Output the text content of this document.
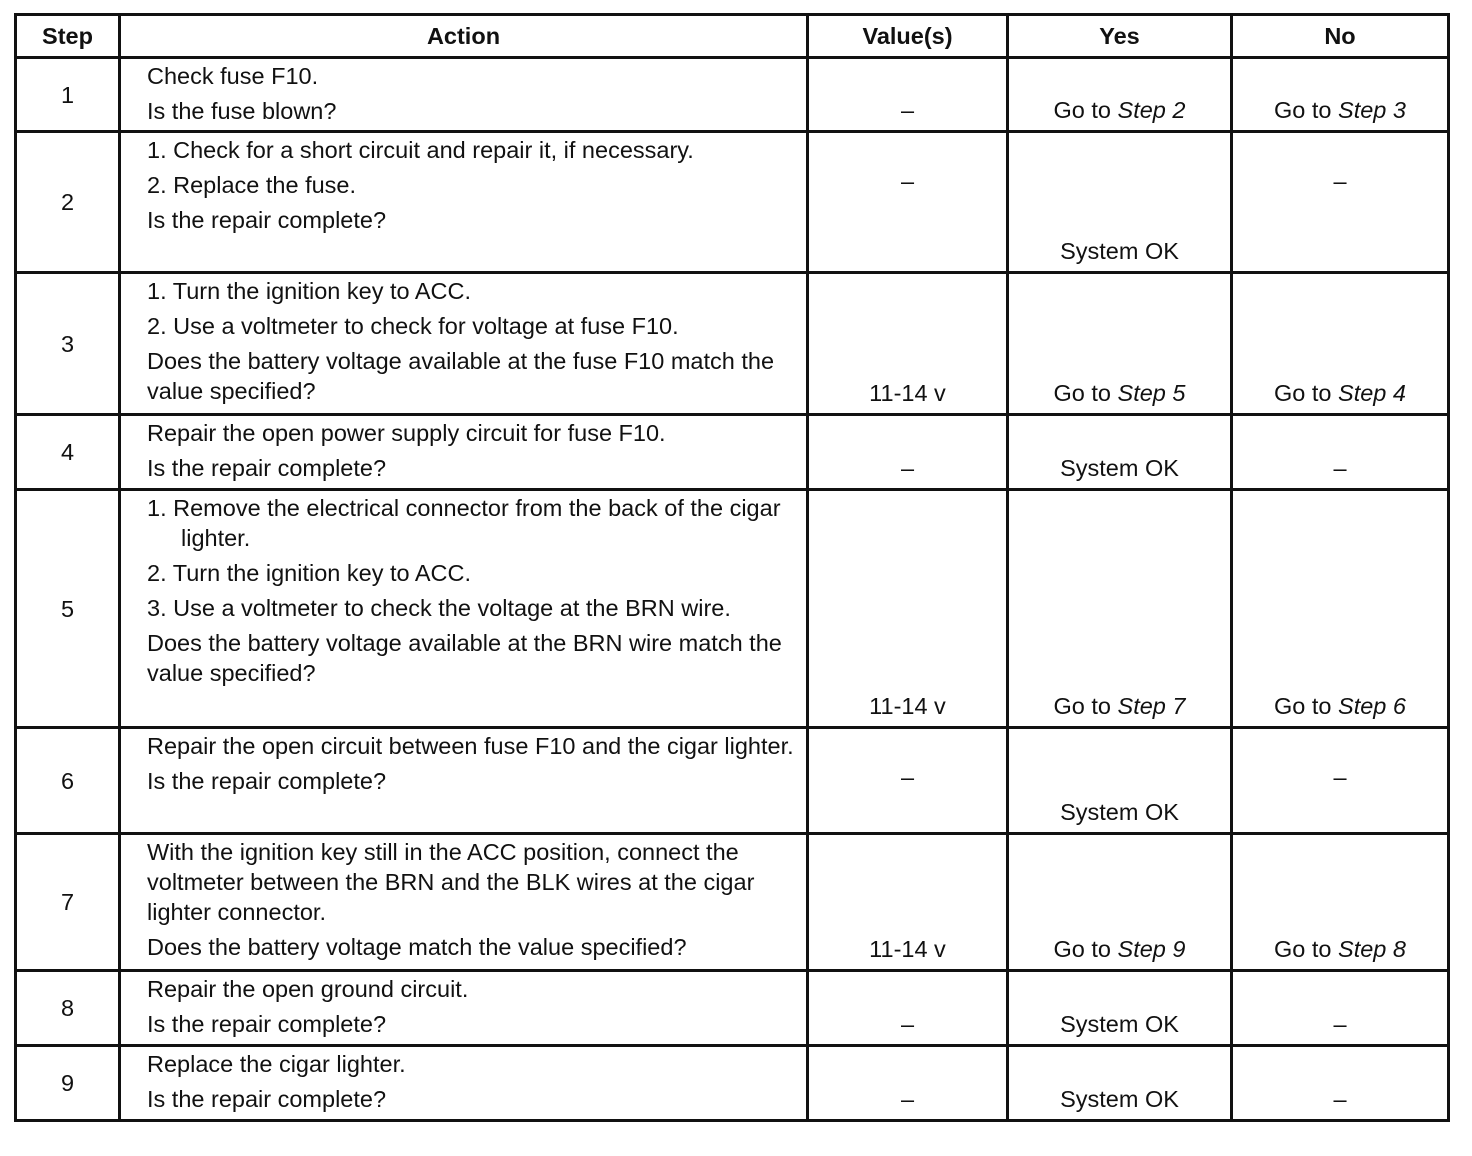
Step	Action	Value(s)	Yes	No
1	Check fuse F10.
Is the fuse blown?	–	Go to Step 2	Go to Step 3

2	1. Check for a short circuit and repair it, if necessary.
2. Replace the fuse.
Is the repair complete?	–	System OK	–

3	1. Turn the ignition key to ACC.
2. Use a voltmeter to check for voltage at fuse F10.
Does the battery voltage available at the fuse F10 match the value specified?	11-14 v	Go to Step 5	Go to Step 4

4	Repair the open power supply circuit for fuse F10.
Is the repair complete?	–	System OK	–

5	1. Remove the electrical connector from the back of the cigar lighter.
2. Turn the ignition key to ACC.
3. Use a voltmeter to check the voltage at the BRN wire.
Does the battery voltage available at the BRN wire match the value specified?	11-14 v	Go to Step 7	Go to Step 6

6	Repair the open circuit between fuse F10 and the cigar lighter.
Is the repair complete?	–	System OK	–

7	With the ignition key still in the ACC position, connect the voltmeter between the BRN and the BLK wires at the cigar lighter connector.
Does the battery voltage match the value specified?	11-14 v	Go to Step 9	Go to Step 8

8	Repair the open ground circuit.
Is the repair complete?	–	System OK	–

9	Replace the cigar lighter.
Is the repair complete?	–	System OK	–
